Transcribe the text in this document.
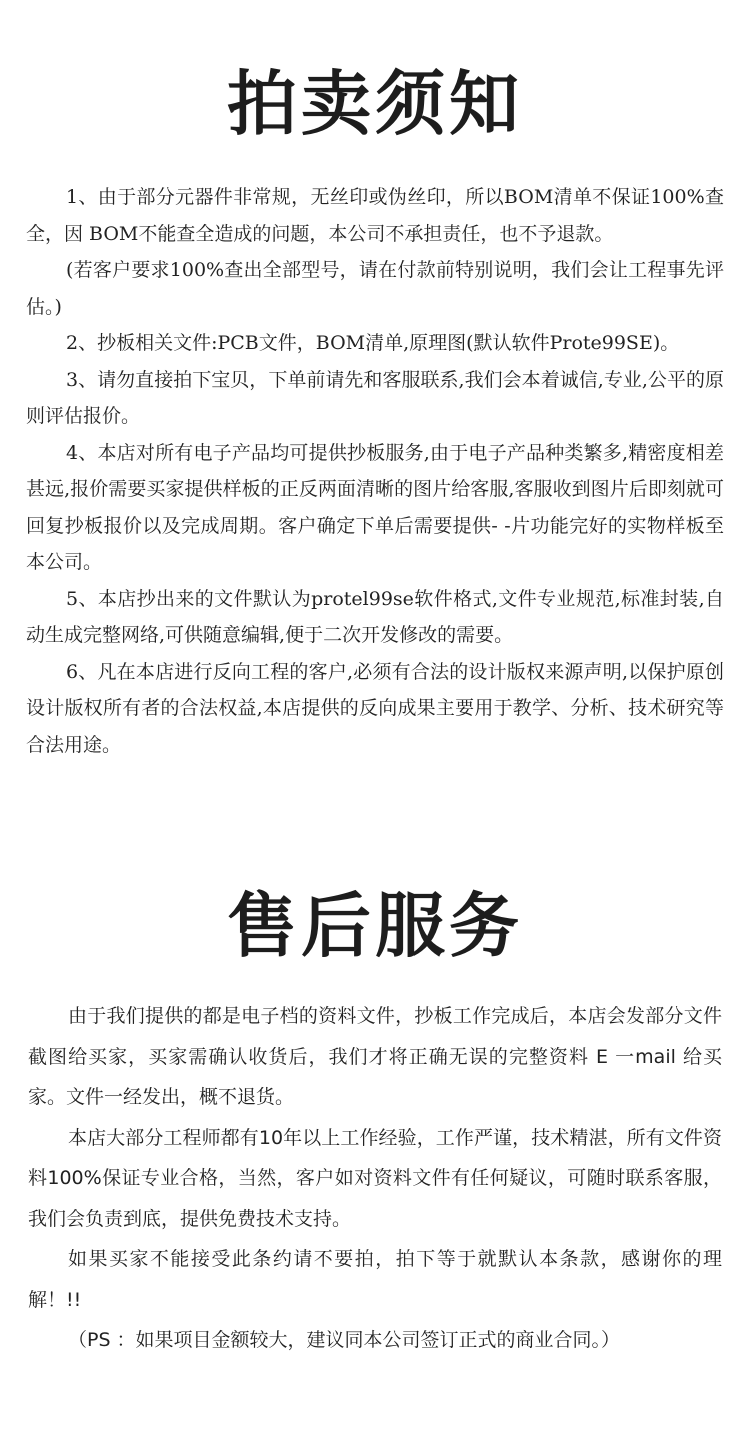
拍卖须知

1、由于部分元器件非常规，无丝印或伪丝印，所以BOM清单不保证100%查全，因 BOM不能查全造成的问题，本公司不承担责任，也不予退款。

(若客户要求100%查出全部型号，请在付款前特别说明，我们会让工程事先评估。)

2、抄板相关文件:PCB文件，BOM清单,原理图(默认软件Prote99SE)。

3、请勿直接拍下宝贝，下单前请先和客服联系,我们会本着诚信,专业,公平的原则评估报价。

4、本店对所有电子产品均可提供抄板服务,由于电子产品种类繁多,精密度相差甚远,报价需要买家提供样板的正反两面清晰的图片给客服,客服收到图片后即刻就可回复抄板报价以及完成周期。客户确定下单后需要提供- -片功能完好的实物样板至本公司。

5、本店抄出来的文件默认为protel99se软件格式,文件专业规范,标准封装,自动生成完整网络,可供随意编辑,便于二次开发修改的需要。

6、凡在本店进行反向工程的客户,必须有合法的设计版权来源声明,以保护原创设计版权所有者的合法权益,本店提供的反向成果主要用于教学、分析、技术研究等合法用途。

售后服务

由于我们提供的都是电子档的资料文件，抄板工作完成后，本店会发部分文件截图给买家，买家需确认收货后，我们才将正确无误的完整资料 E 一mail 给买家。文件一经发出，概不退货。

本店大部分工程师都有10年以上工作经验，工作严谨，技术精湛，所有文件资料100%保证专业合格，当然，客户如对资料文件有任何疑议，可随时联系客服，我们会负责到底，提供免费技术支持。

如果买家不能接受此条约请不要拍，拍下等于就默认本条款，感谢你的理解！!!

（PS ：如果项目金额较大，建议同本公司签订正式的商业合同。）
